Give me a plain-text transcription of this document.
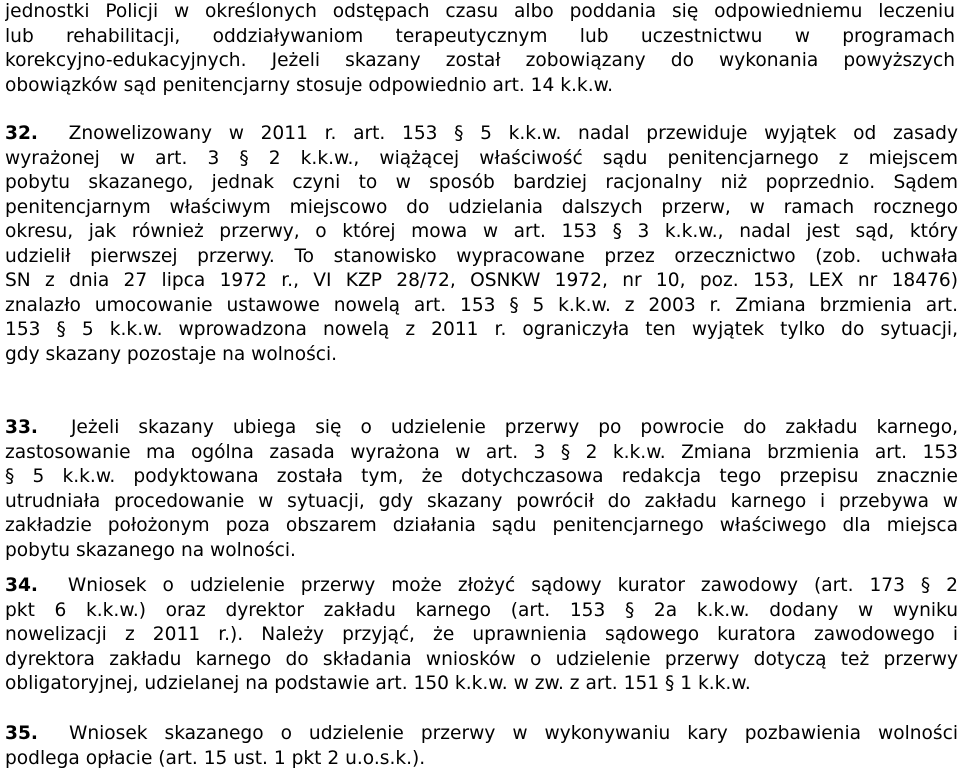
jednostki Policji w określonych odstępach czasu albo poddania się odpowiedniemu leczeniu
lub rehabilitacji, oddziaływaniom terapeutycznym lub uczestnictwu w programach
korekcyjno-edukacyjnych. Jeżeli skazany został zobowiązany do wykonania powyższych
obowiązków sąd penitencjarny stosuje odpowiednio art. 14 k.k.w.
32. Znowelizowany w 2011 r. art. 153 § 5 k.k.w. nadal przewiduje wyjątek od zasady
wyrażonej w art. 3 § 2 k.k.w., wiążącej właściwość sądu penitencjarnego z miejscem
pobytu skazanego, jednak czyni to w sposób bardziej racjonalny niż poprzednio. Sądem
penitencjarnym właściwym miejscowo do udzielania dalszych przerw, w ramach rocznego
okresu, jak również przerwy, o której mowa w art. 153 § 3 k.k.w., nadal jest sąd, który
udzielił pierwszej przerwy. To stanowisko wypracowane przez orzecznictwo (zob. uchwała
SN z dnia 27 lipca 1972 r., VI KZP 28/72, OSNKW 1972, nr 10, poz. 153, LEX nr 18476)
znalazło umocowanie ustawowe nowelą art. 153 § 5 k.k.w. z 2003 r. Zmiana brzmienia art.
153 § 5 k.k.w. wprowadzona nowelą z 2011 r. ograniczyła ten wyjątek tylko do sytuacji,
gdy skazany pozostaje na wolności.
33. Jeżeli skazany ubiega się o udzielenie przerwy po powrocie do zakładu karnego,
zastosowanie ma ogólna zasada wyrażona w art. 3 § 2 k.k.w. Zmiana brzmienia art. 153
§ 5 k.k.w. podyktowana została tym, że dotychczasowa redakcja tego przepisu znacznie
utrudniała procedowanie w sytuacji, gdy skazany powrócił do zakładu karnego i przebywa w
zakładzie położonym poza obszarem działania sądu penitencjarnego właściwego dla miejsca
pobytu skazanego na wolności.
34. Wniosek o udzielenie przerwy może złożyć sądowy kurator zawodowy (art. 173 § 2
pkt 6 k.k.w.) oraz dyrektor zakładu karnego (art. 153 § 2a k.k.w. dodany w wyniku
nowelizacji z 2011 r.). Należy przyjąć, że uprawnienia sądowego kuratora zawodowego i
dyrektora zakładu karnego do składania wniosków o udzielenie przerwy dotyczą też przerwy
obligatoryjnej, udzielanej na podstawie art. 150 k.k.w. w zw. z art. 151 § 1 k.k.w.
35. Wniosek skazanego o udzielenie przerwy w wykonywaniu kary pozbawienia wolności
podlega opłacie (art. 15 ust. 1 pkt 2 u.o.s.k.).
